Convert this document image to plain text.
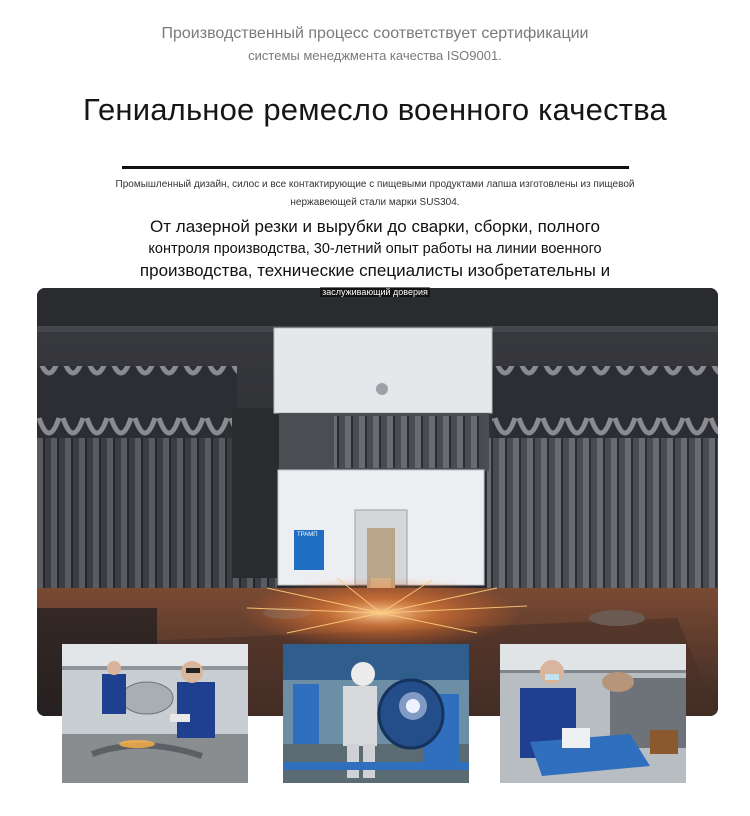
Производственный процесс соответствует сертификации
системы менеджмента качества ISO9001.
Гениальное ремесло военного качества
Промышленный дизайн, силос и все контактирующие с пищевыми продуктами лапша изготовлены из пищевой
нержавеющей стали марки SUS304.
От лазерной резки и вырубки до сварки, сборки, полного
контроля производства, 30-летний опыт работы на линии военного
производства, технические специалисты изобретательны и
ТРАМП
заслуживающий доверия
